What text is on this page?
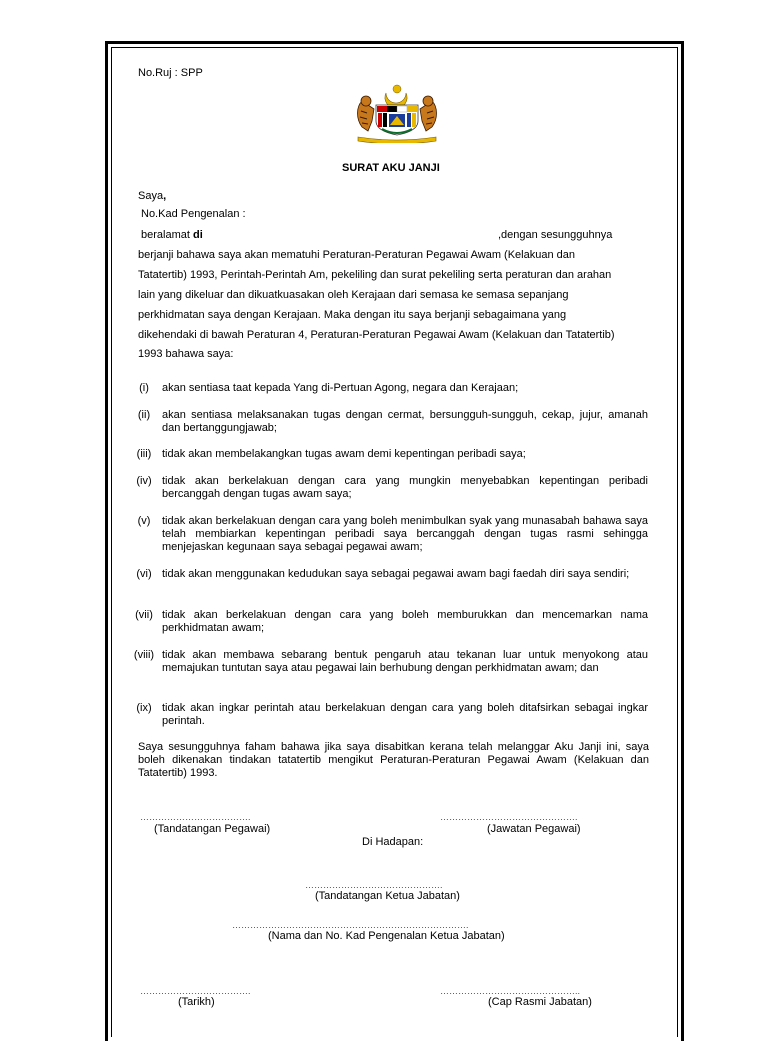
No.Ruj : SPP
SURAT AKU JANJI
Saya,
No.Kad Pengenalan :
beralamat di	,dengan sesungguhnya
berjanji bahawa saya akan mematuhi Peraturan-Peraturan Pegawai Awam (Kelakuan dan
Tatatertib) 1993, Perintah-Perintah Am, pekeliling dan surat pekeliling serta peraturan dan arahan
lain yang dikeluar dan dikuatkuasakan oleh Kerajaan dari semasa ke semasa sepanjang
perkhidmatan saya dengan Kerajaan. Maka dengan itu saya berjanji sebagaimana yang
dikehendaki di bawah Peraturan 4, Peraturan-Peraturan Pegawai Awam (Kelakuan dan Tatatertib)
1993 bahawa saya:
(i)	akan sentiasa taat kepada Yang di-Pertuan Agong, negara dan Kerajaan;
(ii)	akan sentiasa melaksanakan tugas dengan cermat, bersungguh-sungguh, cekap, jujur, amanah dan bertanggungjawab;
(iii) tidak akan membelakangkan tugas awam demi kepentingan peribadi saya;
(iv) tidak akan berkelakuan dengan cara yang mungkin menyebabkan kepentingan peribadi bercanggah dengan tugas awam saya;
(v)	tidak akan berkelakuan dengan cara yang boleh menimbulkan syak yang munasabah bahawa saya telah membiarkan kepentingan peribadi saya bercanggah dengan tugas rasmi sehingga menjejaskan kegunaan saya sebagai pegawai awam;
(vi) tidak akan menggunakan kedudukan saya sebagai pegawai awam bagi faedah diri saya sendiri;
(vii) tidak akan berkelakuan dengan cara yang boleh memburukkan dan mencemarkan nama perkhidmatan awam;
(viii) tidak akan membawa sebarang bentuk pengaruh atau tekanan luar untuk menyokong atau memajukan tuntutan saya atau pegawai lain berhubung dengan perkhidmatan awam; dan
(ix) tidak akan ingkar perintah atau berkelakuan dengan cara yang boleh ditafsirkan sebagai ingkar perintah.
Saya sesungguhnya faham bahawa jika saya disabitkan kerana telah melanggar Aku Janji ini, saya boleh dikenakan tindakan tatatertib mengikut Peraturan-Peraturan Pegawai Awam (Kelakuan dan Tatatertib) 1993.
……………………………….
(Tandatangan Pegawai)
……………………………………….
(Jawatan Pegawai)
Di Hadapan:
……………………………………….
(Tandatangan Ketua Jabatan)
…………………………………………………………………….
(Nama dan No. Kad Pengenalan Ketua Jabatan)
……………………………….
(Tarikh)
………………………………………..
(Cap Rasmi Jabatan)
